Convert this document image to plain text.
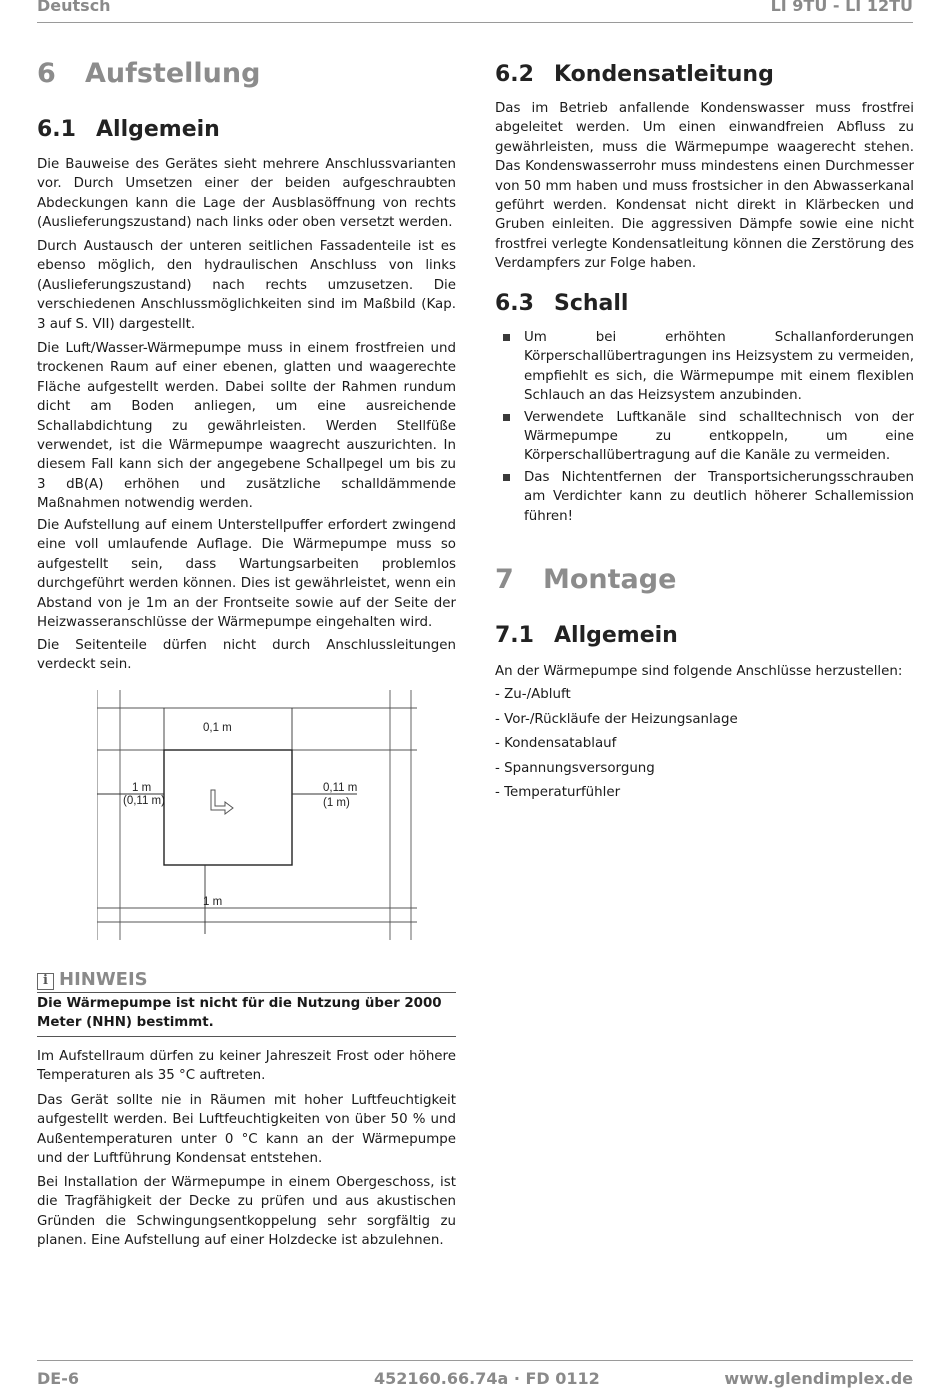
Deutsch	LI 9TU - LI 12TU
6 Aufstellung
6.1 Allgemein

Die Bauweise des Gerätes sieht mehrere Anschlussvarianten vor. Durch Umsetzen einer der beiden aufgeschraubten Abdeckungen kann die Lage der Ausblasöffnung von rechts (Auslieferungszustand) nach links oder oben versetzt werden.

Durch Austausch der unteren seitlichen Fassadenteile ist es ebenso möglich, den hydraulischen Anschluss von links (Auslieferungszustand) nach rechts umzusetzen. Die verschiedenen Anschlussmöglichkeiten sind im Maßbild (Kap. 3 auf S. VII) dargestellt.

Die Luft/Wasser-Wärmepumpe muss in einem frostfreien und trockenen Raum auf einer ebenen, glatten und waagerechte Fläche aufgestellt werden. Dabei sollte der Rahmen rundum dicht am Boden anliegen, um eine ausreichende Schallabdichtung zu gewährleisten. Werden Stellfüße verwendet, ist die Wärmepumpe waagrecht auszurichten. In diesem Fall kann sich der angegebene Schallpegel um bis zu 3 dB(A) erhöhen und zusätzliche schalldämmende Maßnahmen notwendig werden.

Die Aufstellung auf einem Unterstellpuffer erfordert zwingend eine voll umlaufende Auflage. Die Wärmepumpe muss so aufgestellt sein, dass Wartungsarbeiten problemlos durchgeführt werden können. Dies ist gewährleistet, wenn ein Abstand von je 1m an der Frontseite sowie auf der Seite der Heizwasseranschlüsse der Wärmepumpe eingehalten wird.

Die Seitenteile dürfen nicht durch Anschlussleitungen verdeckt sein.

0,1 m
1 m
(0,11 m)
0,11 m
(1 m)
1 m
i HINWEIS
Die Wärmepumpe ist nicht für die Nutzung über 2000 Meter (NHN) bestimmt.

Im Aufstellraum dürfen zu keiner Jahreszeit Frost oder höhere Temperaturen als 35 °C auftreten.

Das Gerät sollte nie in Räumen mit hoher Luftfeuchtigkeit aufgestellt werden. Bei Luftfeuchtigkeiten von über 50 % und Außentemperaturen unter 0 °C kann an der Wärmepumpe und der Luftführung Kondensat entstehen.

Bei Installation der Wärmepumpe in einem Obergeschoss, ist die Tragfähigkeit der Decke zu prüfen und aus akustischen Gründen die Schwingungsentkoppelung sehr sorgfältig zu planen. Eine Aufstellung auf einer Holzdecke ist abzulehnen.

6.2 Kondensatleitung

Das im Betrieb anfallende Kondenswasser muss frostfrei abgeleitet werden. Um einen einwandfreien Abfluss zu gewährleisten, muss die Wärmepumpe waagerecht stehen. Das Kondenswasserrohr muss mindestens einen Durchmesser von 50 mm haben und muss frostsicher in den Abwasserkanal geführt werden. Kondensat nicht direkt in Klärbecken und Gruben einleiten. Die aggressiven Dämpfe sowie eine nicht frostfrei verlegte Kondensatleitung können die Zerstörung des Verdampfers zur Folge haben.

6.3 Schall
Um bei erhöhten Schallanforderungen Körperschallübertragungen ins Heizsystem zu vermeiden, empfiehlt es sich, die Wärmepumpe mit einem flexiblen Schlauch an das Heizsystem anzubinden.
Verwendete Luftkanäle sind schalltechnisch von der Wärmepumpe zu entkoppeln, um eine Körperschallübertragung auf die Kanäle zu vermeiden.
Das Nichtentfernen der Transportsicherungsschrauben am Verdichter kann zu deutlich höherer Schallemission führen!
7 Montage
7.1 Allgemein

An der Wärmepumpe sind folgende Anschlüsse herzustellen:

- Zu-/Abluft
- Vor-/Rückläufe der Heizungsanlage
- Kondensatablauf
- Spannungsversorgung
- Temperaturfühler
DE-6	452160.66.74a · FD 0112	www.glendimplex.de
